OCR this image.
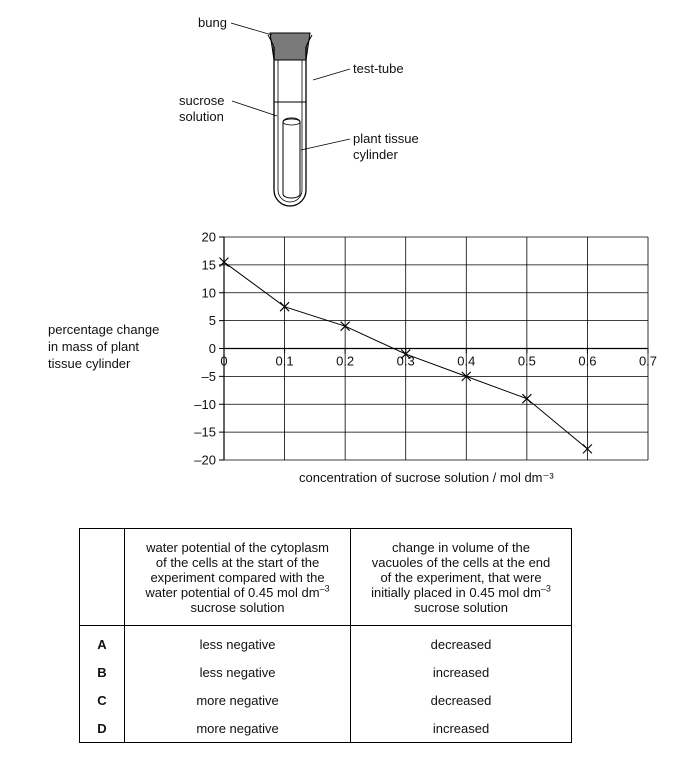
bung
test-tube
sucrose
solution
plant tissue
cylinder
20
15
10
5
0
–5
–10
–15
–20
0	0.1	0.2	0.3	0.4	0.5	0.6	0.7
percentage change
in mass of plant
tissue cylinder
concentration of sucrose solution / mol dm⁻³
	water potential of the cytoplasm
of the cells at the start of the
experiment compared with the
water potential of 0.45 mol $dm^{-3}$
sucrose solution	change in volume of the
vacuoles of the cells at the end
of the experiment, that were
initially placed in 0.45 mol $dm^{-3}$
sucrose solution
A	less negative	decreased
B	less negative	increased
C	more negative	decreased
D	more negative	increased
